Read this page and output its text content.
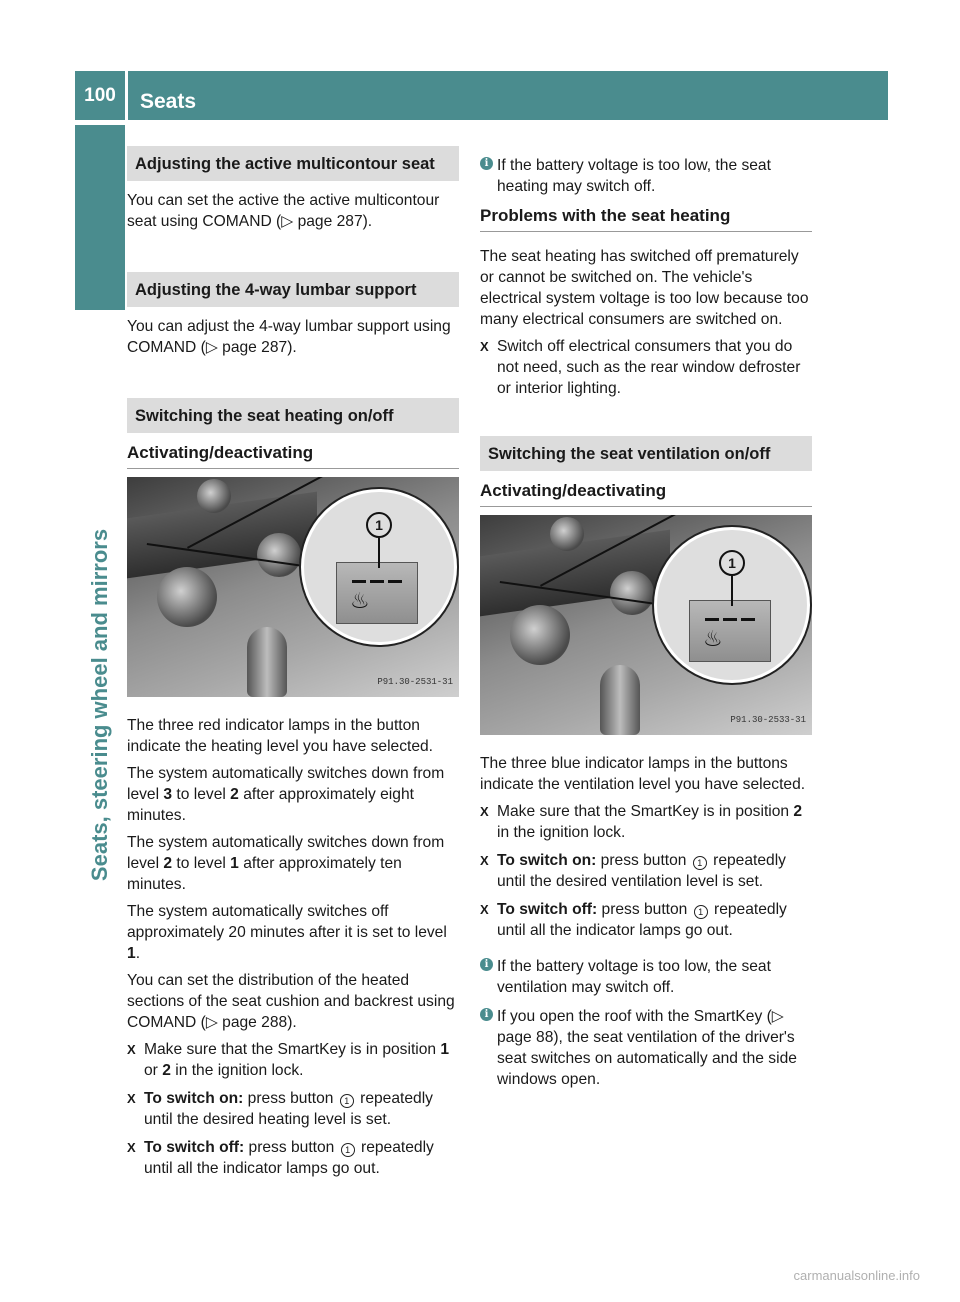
100	Seats
Seats, steering wheel and mirrors
Adjusting the active multicontour seat

You can set the active the active multicontour seat using COMAND (▷ page 287).

Adjusting the 4-way lumbar support

You can adjust the 4-way lumbar support using COMAND (▷ page 287).

Switching the seat heating on/off
Activating/deactivating
1
♨
P91.30-2531-31

The three red indicator lamps in the button indicate the heating level you have selected.

The system automatically switches down from level 3 to level 2 after approximately eight minutes.

The system automatically switches down from level 2 to level 1 after approximately ten minutes.

The system automatically switches off approximately 20 minutes after it is set to level 1.

You can set the distribution of the heated sections of the seat cushion and backrest using COMAND (▷ page 288).

X Make sure that the SmartKey is in position 1 or 2 in the ignition lock.
X To switch on: press button 1 repeatedly until the desired heating level is set.
X To switch off: press button 1 repeatedly until all the indicator lamps go out.
i If the battery voltage is too low, the seat heating may switch off.
Problems with the seat heating

The seat heating has switched off prematurely or cannot be switched on. The vehicle's electrical system voltage is too low because too many electrical consumers are switched on.

X Switch off electrical consumers that you do not need, such as the rear window defroster or interior lighting.
Switching the seat ventilation on/off
Activating/deactivating
1
♨
P91.30-2533-31

The three blue indicator lamps in the buttons indicate the ventilation level you have selected.

X Make sure that the SmartKey is in position 2 in the ignition lock.
X To switch on: press button 1 repeatedly until the desired ventilation level is set.
X To switch off: press button 1 repeatedly until all the indicator lamps go out.
i If the battery voltage is too low, the seat ventilation may switch off.
i If you open the roof with the SmartKey (▷ page 88), the seat ventilation of the driver's seat switches on automatically and the side windows open.
carmanualsonline.info
